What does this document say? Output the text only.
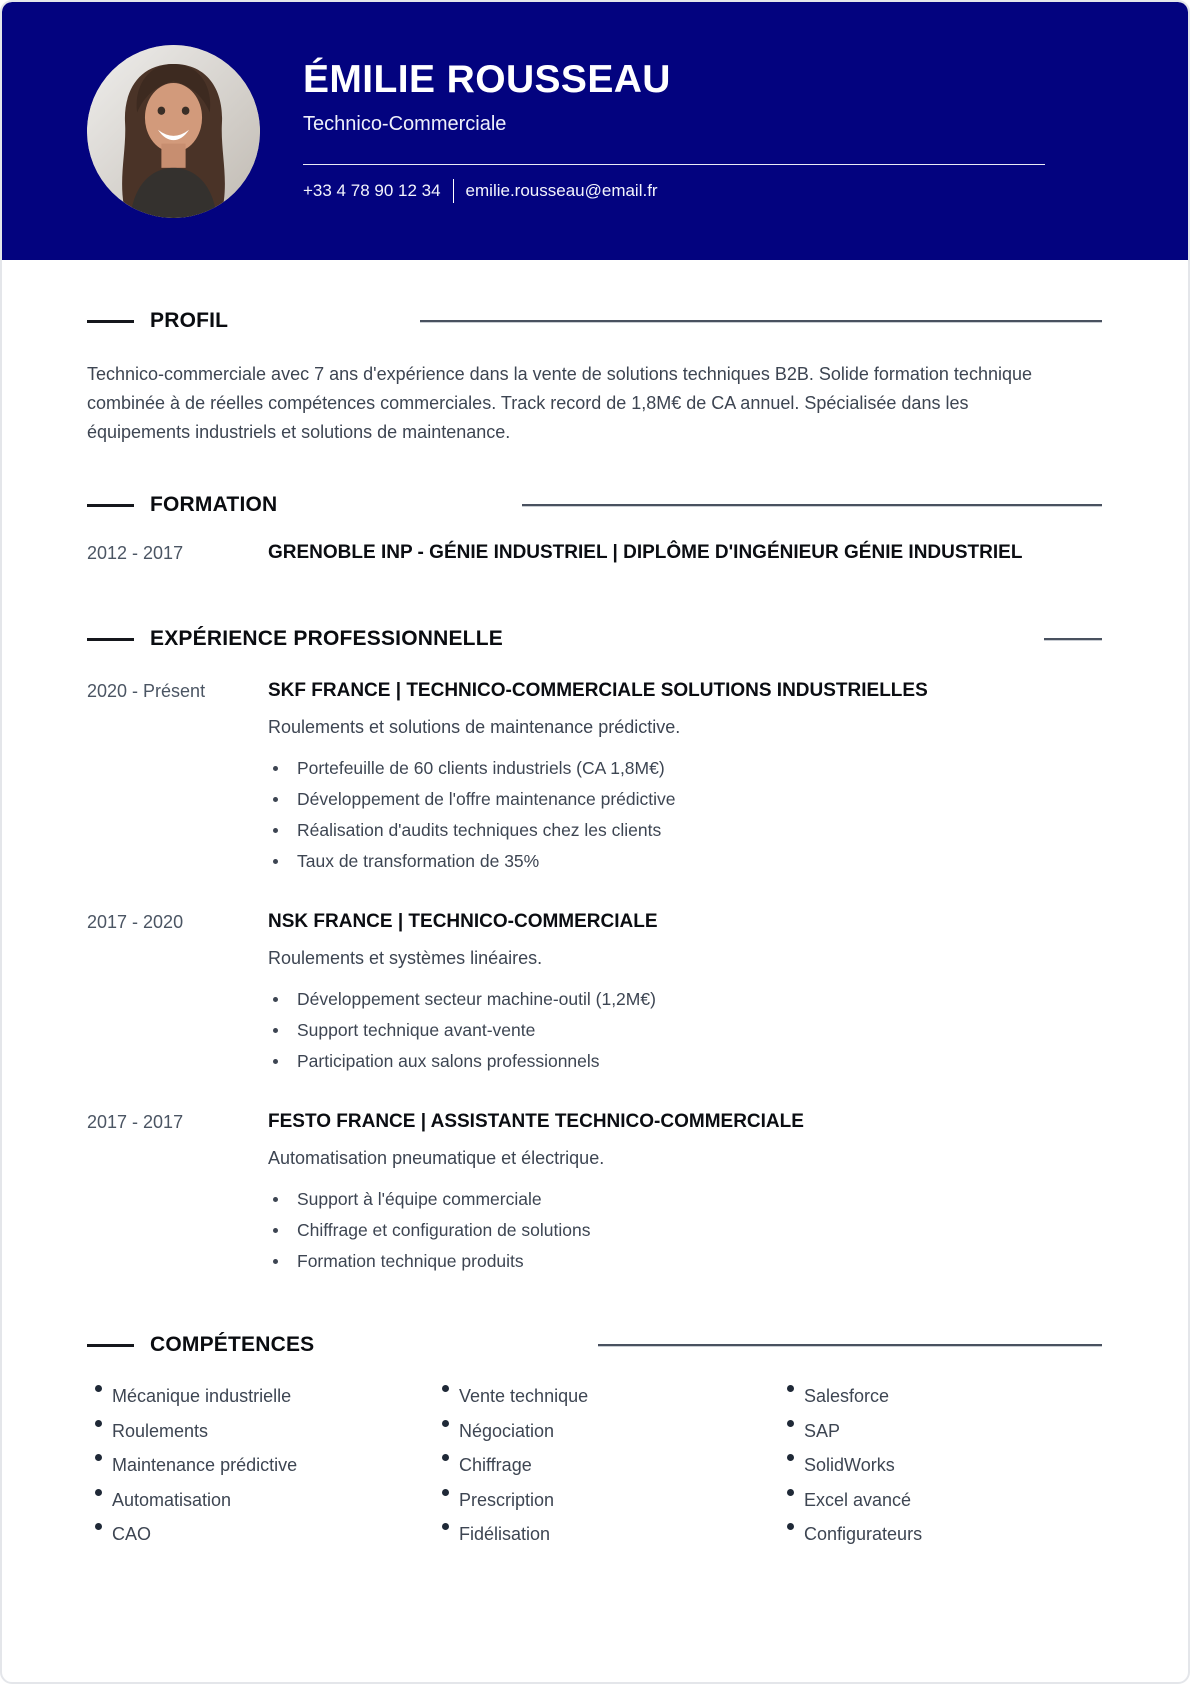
ÉMILIE ROUSSEAU
Technico-Commerciale
+33 4 78 90 12 34 emilie.rousseau@email.fr
PROFIL

Technico-commerciale avec 7 ans d'expérience dans la vente de solutions techniques B2B. Solide formation technique combinée à de réelles compétences commerciales. Track record de 1,8M€ de CA annuel. Spécialisée dans les équipements industriels et solutions de maintenance.

FORMATION
2012 - 2017	GRENOBLE INP - GÉNIE INDUSTRIEL | DIPLÔME D'INGÉNIEUR GÉNIE INDUSTRIEL
EXPÉRIENCE PROFESSIONNELLE
2020 - Présent	SKF FRANCE | TECHNICO-COMMERCIALE SOLUTIONS INDUSTRIELLES

Roulements et solutions de maintenance prédictive.

Portefeuille de 60 clients industriels (CA 1,8M€)
Développement de l'offre maintenance prédictive
Réalisation d'audits techniques chez les clients
Taux de transformation de 35%
2017 - 2020	NSK FRANCE | TECHNICO-COMMERCIALE

Roulements et systèmes linéaires.

Développement secteur machine-outil (1,2M€)
Support technique avant-vente
Participation aux salons professionnels
2017 - 2017	FESTO FRANCE | ASSISTANTE TECHNICO-COMMERCIALE

Automatisation pneumatique et électrique.

Support à l'équipe commerciale
Chiffrage et configuration de solutions
Formation technique produits
COMPÉTENCES
Mécanique industrielle
Roulements
Maintenance prédictive
Automatisation
CAO
Vente technique
Négociation
Chiffrage
Prescription
Fidélisation
Salesforce
SAP
SolidWorks
Excel avancé
Configurateurs
